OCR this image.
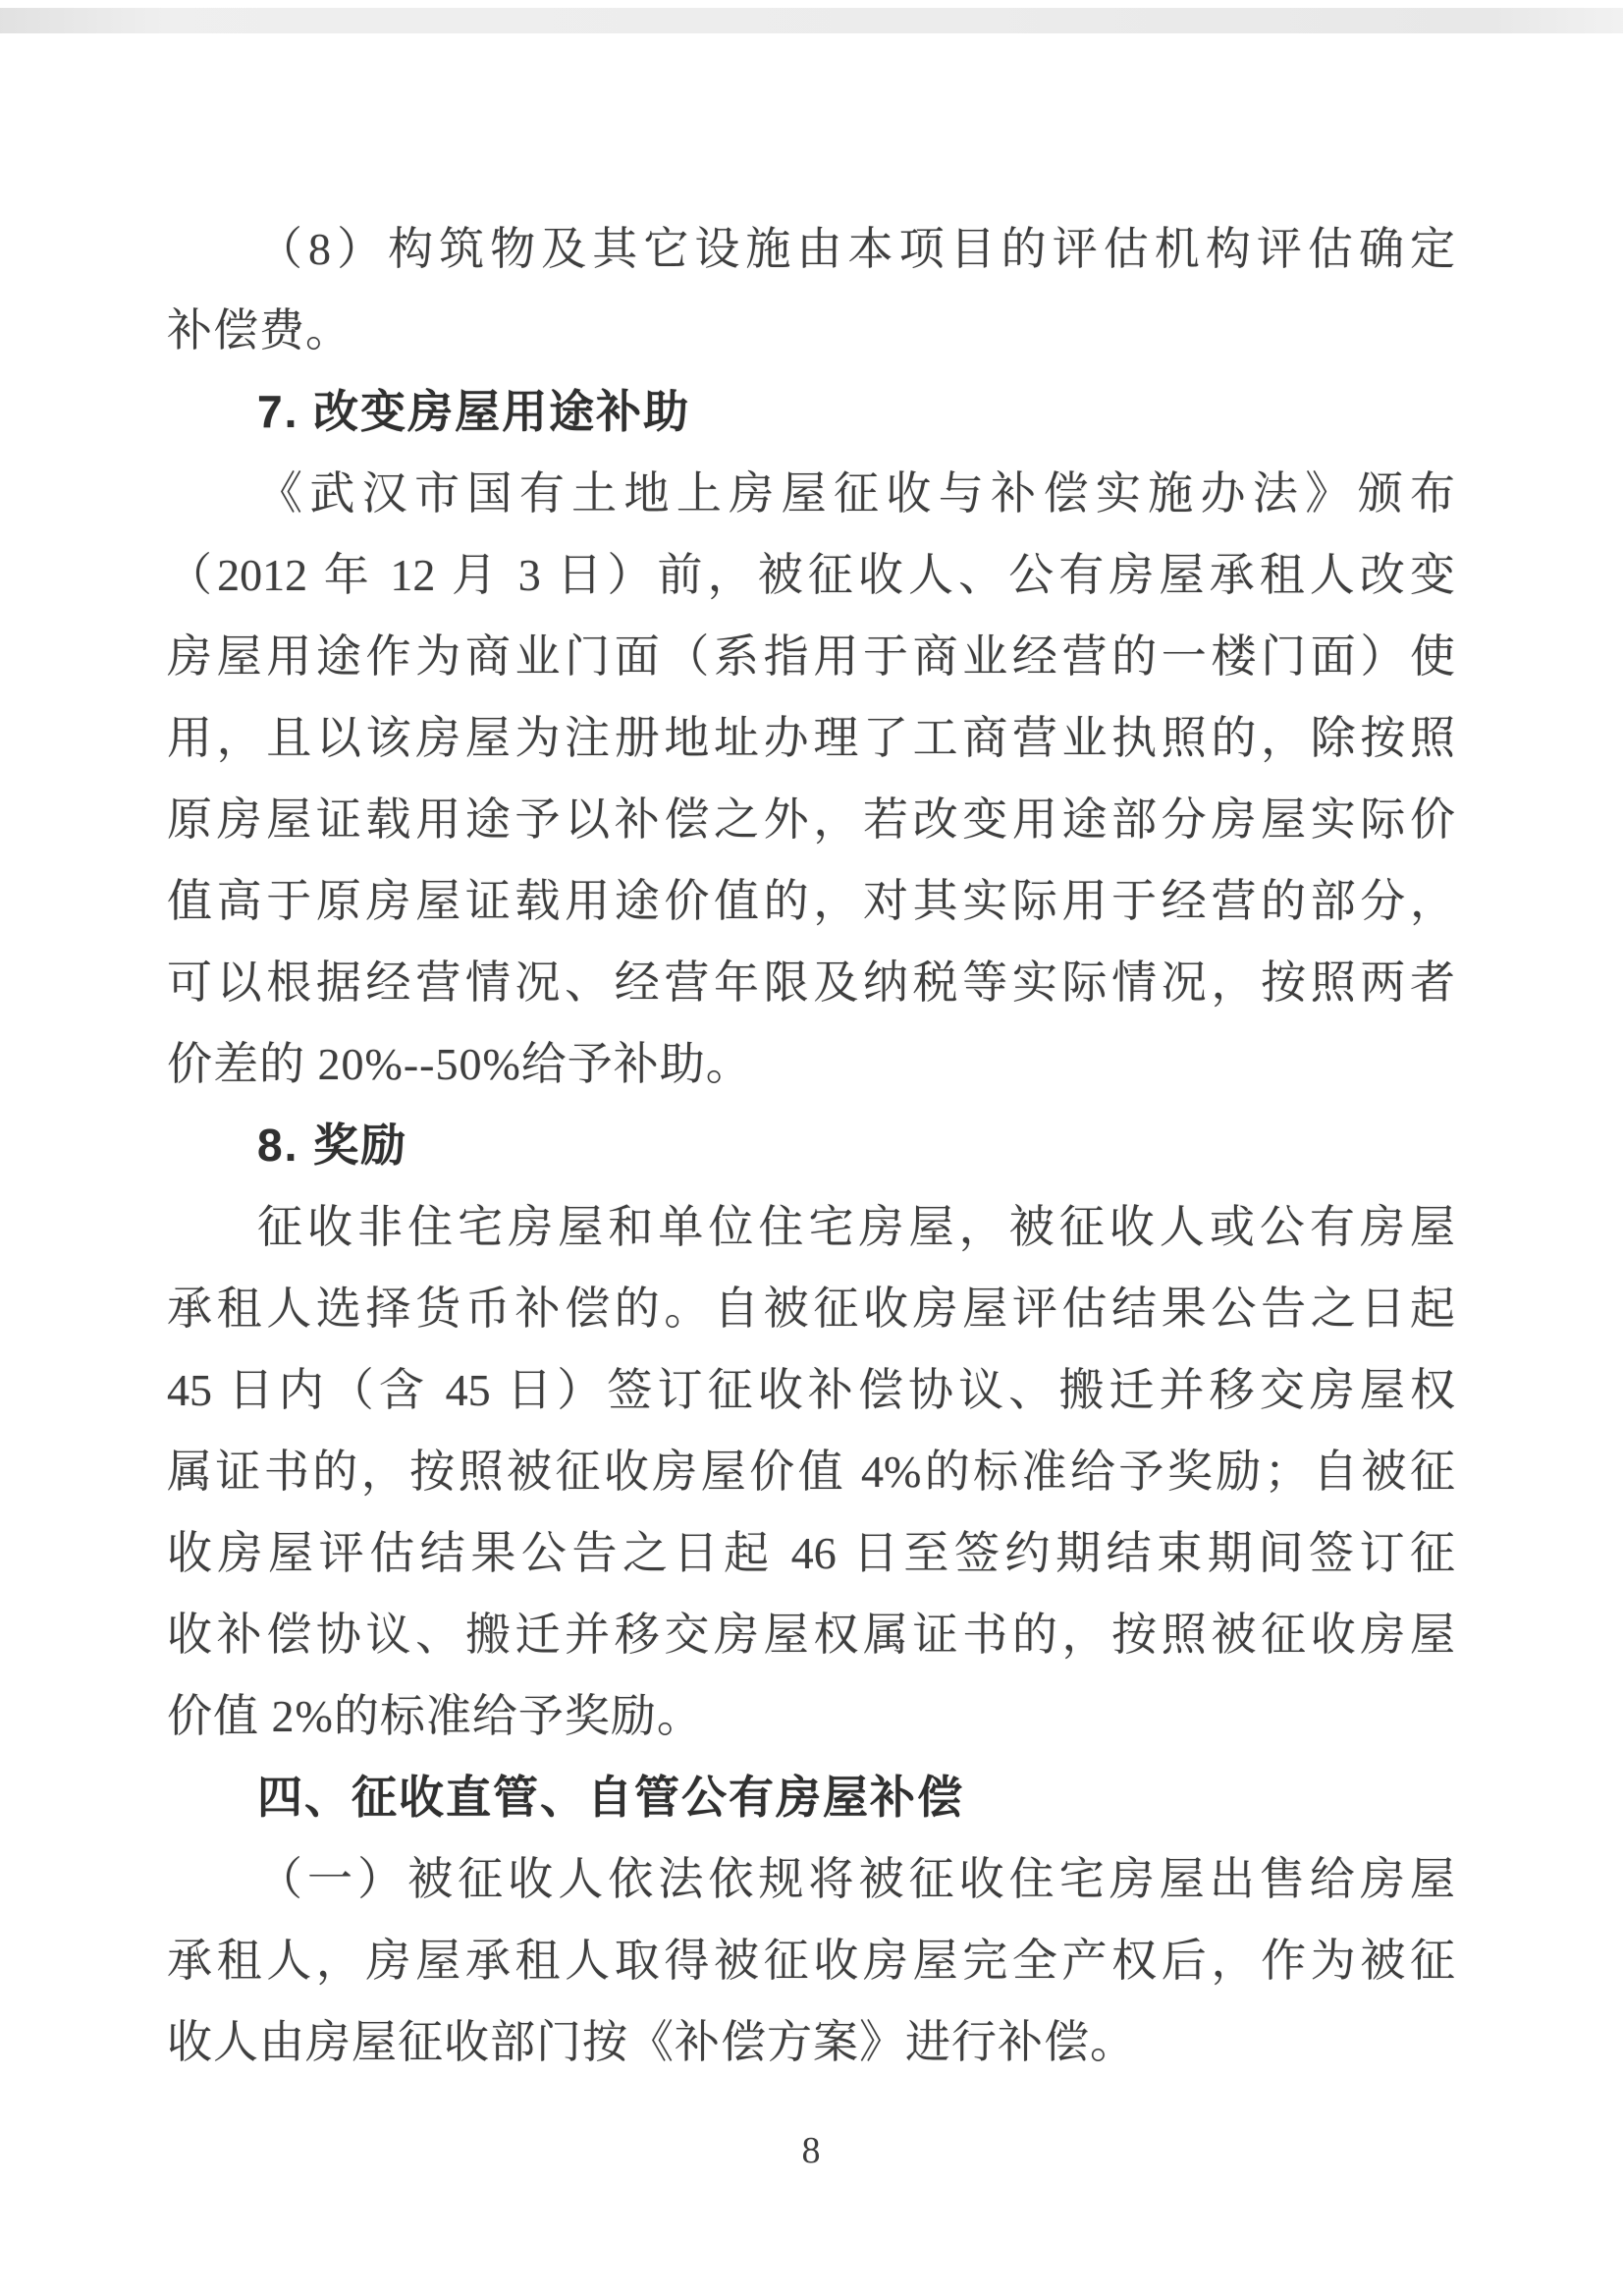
（8）构筑物及其它设施由本项目的评估机构评估确定
补偿费。
7. 改变房屋用途补助
《武汉市国有土地上房屋征收与补偿实施办法》颁布
（2012 年 12 月 3 日）前，被征收人、公有房屋承租人改变
房屋用途作为商业门面（系指用于商业经营的一楼门面）使
用，且以该房屋为注册地址办理了工商营业执照的，除按照
原房屋证载用途予以补偿之外，若改变用途部分房屋实际价
值高于原房屋证载用途价值的，对其实际用于经营的部分，
可以根据经营情况、经营年限及纳税等实际情况，按照两者
价差的 20%--50%给予补助。
8. 奖励
征收非住宅房屋和单位住宅房屋，被征收人或公有房屋
承租人选择货币补偿的。自被征收房屋评估结果公告之日起
45 日内（含 45 日）签订征收补偿协议、搬迁并移交房屋权
属证书的，按照被征收房屋价值 4%的标准给予奖励；自被征
收房屋评估结果公告之日起 46 日至签约期结束期间签订征
收补偿协议、搬迁并移交房屋权属证书的，按照被征收房屋
价值 2%的标准给予奖励。
四、征收直管、自管公有房屋补偿
（一）被征收人依法依规将被征收住宅房屋出售给房屋
承租人，房屋承租人取得被征收房屋完全产权后，作为被征
收人由房屋征收部门按《补偿方案》进行补偿。
8
